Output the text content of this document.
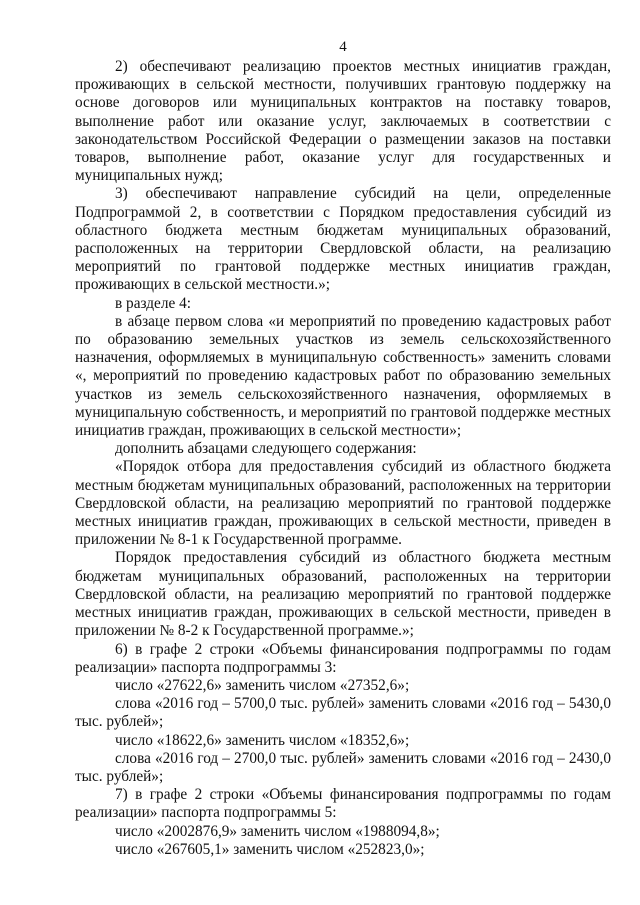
4

2) обеспечивают реализацию проектов местных инициатив граждан, проживающих в сельской местности, получивших грантовую поддержку на основе договоров или муниципальных контрактов на поставку товаров, выполнение работ или оказание услуг, заключаемых в соответствии с законодательством Российской Федерации о размещении заказов на поставки товаров, выполнение работ, оказание услуг для государственных и муниципальных нужд;

3) обеспечивают направление субсидий на цели, определенные Подпрограммой 2, в соответствии с Порядком предоставления субсидий из областного бюджета местным бюджетам муниципальных образований, расположенных на территории Свердловской области, на реализацию мероприятий по грантовой поддержке местных инициатив граждан, проживающих в сельской местности.»;

в разделе 4:

в абзаце первом слова «и мероприятий по проведению кадастровых работ по образованию земельных участков из земель сельскохозяйственного назначения, оформляемых в муниципальную собственность» заменить словами «, мероприятий по проведению кадастровых работ по образованию земельных участков из земель сельскохозяйственного назначения, оформляемых в муниципальную собственность, и мероприятий по грантовой поддержке местных инициатив граждан, проживающих в сельской местности»;

дополнить абзацами следующего содержания:

«Порядок отбора для предоставления субсидий из областного бюджета местным бюджетам муниципальных образований, расположенных на территории Свердловской области, на реализацию мероприятий по грантовой поддержке местных инициатив граждан, проживающих в сельской местности, приведен в приложении № 8-1 к Государственной программе.

Порядок предоставления субсидий из областного бюджета местным бюджетам муниципальных образований, расположенных на территории Свердловской области, на реализацию мероприятий по грантовой поддержке местных инициатив граждан, проживающих в сельской местности, приведен в приложении № 8-2 к Государственной программе.»;

6) в графе 2 строки «Объемы финансирования подпрограммы по годам реализации» паспорта подпрограммы 3:

число «27622,6» заменить числом «27352,6»;

слова «2016 год – 5700,0 тыс. рублей» заменить словами «2016 год – 5430,0 тыс. рублей»;

число «18622,6» заменить числом «18352,6»;

слова «2016 год – 2700,0 тыс. рублей» заменить словами «2016 год – 2430,0 тыс. рублей»;

7) в графе 2 строки «Объемы финансирования подпрограммы по годам реализации» паспорта подпрограммы 5:

число «2002876,9» заменить числом «1988094,8»;

число «267605,1» заменить числом «252823,0»;
